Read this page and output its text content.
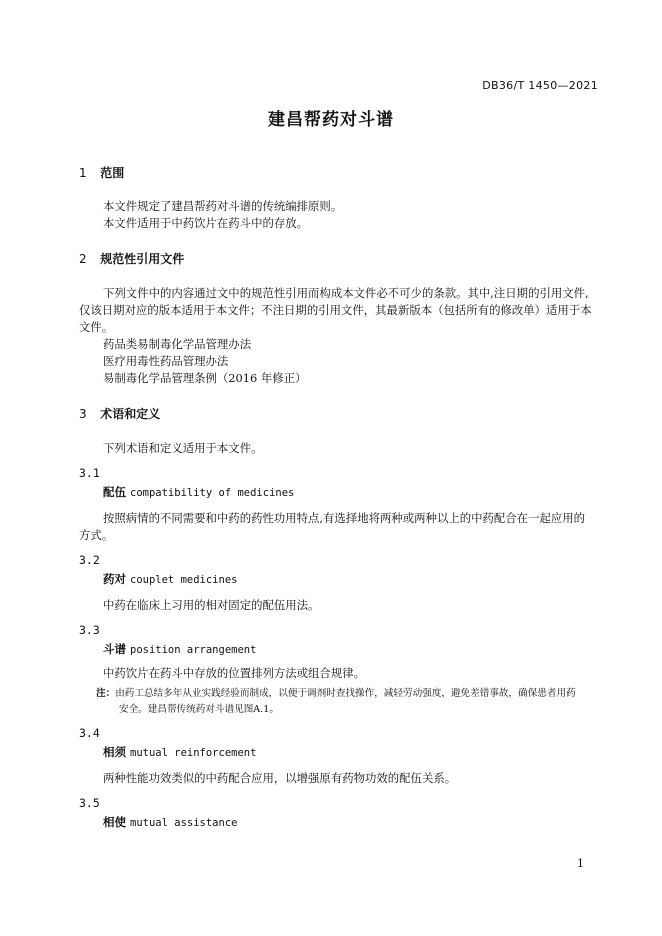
DB36/T 1450—2021
建昌帮药对斗谱
1 范围
本文件规定了建昌帮药对斗谱的传统编排原则。
本文件适用于中药饮片在药斗中的存放。
2 规范性引用文件
下列文件中的内容通过文中的规范性引用而构成本文件必不可少的条款。其中,注日期的引用文件,
仅该日期对应的版本适用于本文件；不注日期的引用文件，其最新版本（包括所有的修改单）适用于本
文件。
药品类易制毒化学品管理办法
医疗用毒性药品管理办法
易制毒化学品管理条例（2016 年修正）
3 术语和定义
下列术语和定义适用于本文件。
3.1
配伍 compatibility of medicines
按照病情的不同需要和中药的药性功用特点,有选择地将两种或两种以上的中药配合在一起应用的
方式。
3.2
药对 couplet medicines
中药在临床上习用的相对固定的配伍用法。
3.3
斗谱 position arrangement
中药饮片在药斗中存放的位置排列方法或组合规律。
注：由药工总结多年从业实践经验而制成，以便于调剂时查找操作，减轻劳动强度，避免差错事故，确保患者用药
安全。建昌帮传统药对斗谱见图A.1。
3.4
相须 mutual reinforcement
两种性能功效类似的中药配合应用，以增强原有药物功效的配伍关系。
3.5
相使 mutual assistance
1
